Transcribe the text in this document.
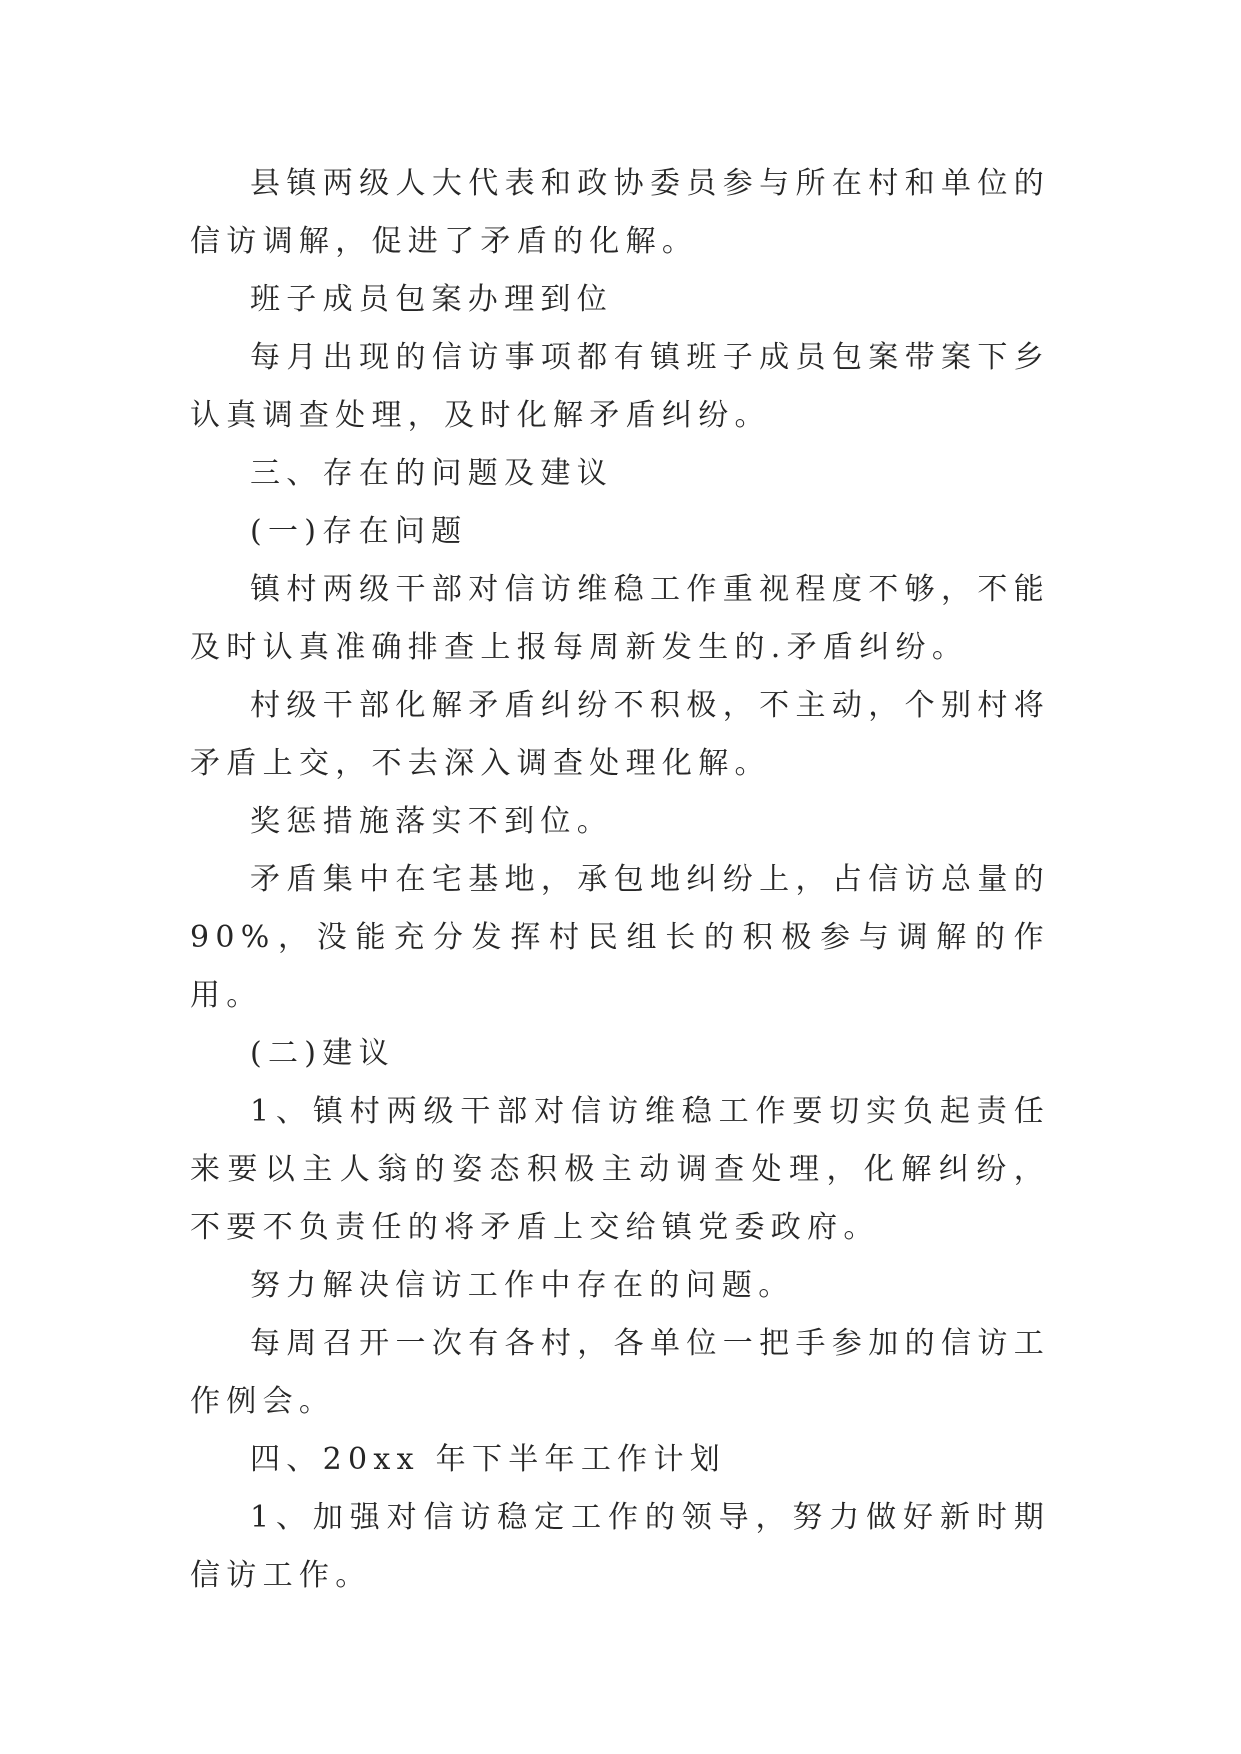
县镇两级人大代表和政协委员参与所在村和单位的信访调解，促进了矛盾的化解。

班子成员包案办理到位

每月出现的信访事项都有镇班子成员包案带案下乡认真调查处理，及时化解矛盾纠纷。

三、存在的问题及建议

(一)存在问题

镇村两级干部对信访维稳工作重视程度不够，不能及时认真准确排查上报每周新发生的.矛盾纠纷。

村级干部化解矛盾纠纷不积极，不主动，个别村将矛盾上交，不去深入调查处理化解。

奖惩措施落实不到位。

矛盾集中在宅基地，承包地纠纷上，占信访总量的90%，没能充分发挥村民组长的积极参与调解的作用。

(二)建议

1、镇村两级干部对信访维稳工作要切实负起责任来要以主人翁的姿态积极主动调查处理，化解纠纷，不要不负责任的将矛盾上交给镇党委政府。

努力解决信访工作中存在的问题。

每周召开一次有各村，各单位一把手参加的信访工作例会。

四、20xx 年下半年工作计划

1、加强对信访稳定工作的领导，努力做好新时期信访工作。
